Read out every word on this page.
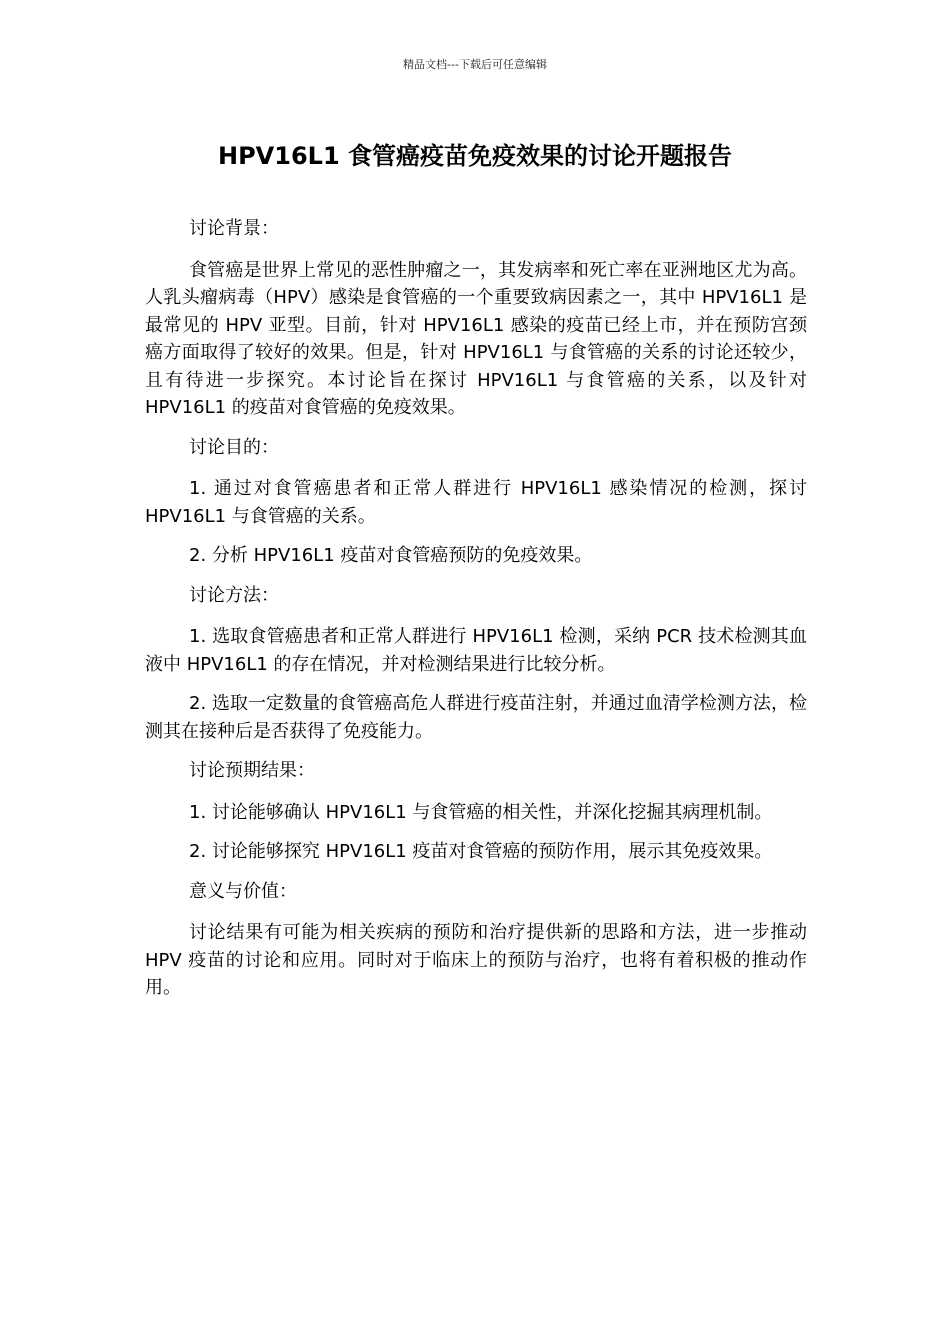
精品文档---下载后可任意编辑
HPV16L1 食管癌疫苗免疫效果的讨论开题报告

讨论背景：

食管癌是世界上常见的恶性肿瘤之一，其发病率和死亡率在亚洲地区尤为高。人乳头瘤病毒（HPV）感染是食管癌的一个重要致病因素之一，其中 HPV16L1 是最常见的 HPV 亚型。目前，针对 HPV16L1 感染的疫苗已经上市，并在预防宫颈癌方面取得了较好的效果。但是，针对 HPV16L1 与食管癌的关系的讨论还较少，且有待进一步探究。本讨论旨在探讨 HPV16L1 与食管癌的关系，以及针对 HPV16L1 的疫苗对食管癌的免疫效果。

讨论目的：

1. 通过对食管癌患者和正常人群进行 HPV16L1 感染情况的检测，探讨 HPV16L1 与食管癌的关系。

2. 分析 HPV16L1 疫苗对食管癌预防的免疫效果。

讨论方法：

1. 选取食管癌患者和正常人群进行 HPV16L1 检测，采纳 PCR 技术检测其血液中 HPV16L1 的存在情况，并对检测结果进行比较分析。

2. 选取一定数量的食管癌高危人群进行疫苗注射，并通过血清学检测方法，检测其在接种后是否获得了免疫能力。

讨论预期结果：

1. 讨论能够确认 HPV16L1 与食管癌的相关性，并深化挖掘其病理机制。

2. 讨论能够探究 HPV16L1 疫苗对食管癌的预防作用，展示其免疫效果。

意义与价值：

讨论结果有可能为相关疾病的预防和治疗提供新的思路和方法，进一步推动 HPV 疫苗的讨论和应用。同时对于临床上的预防与治疗，也将有着积极的推动作用。
